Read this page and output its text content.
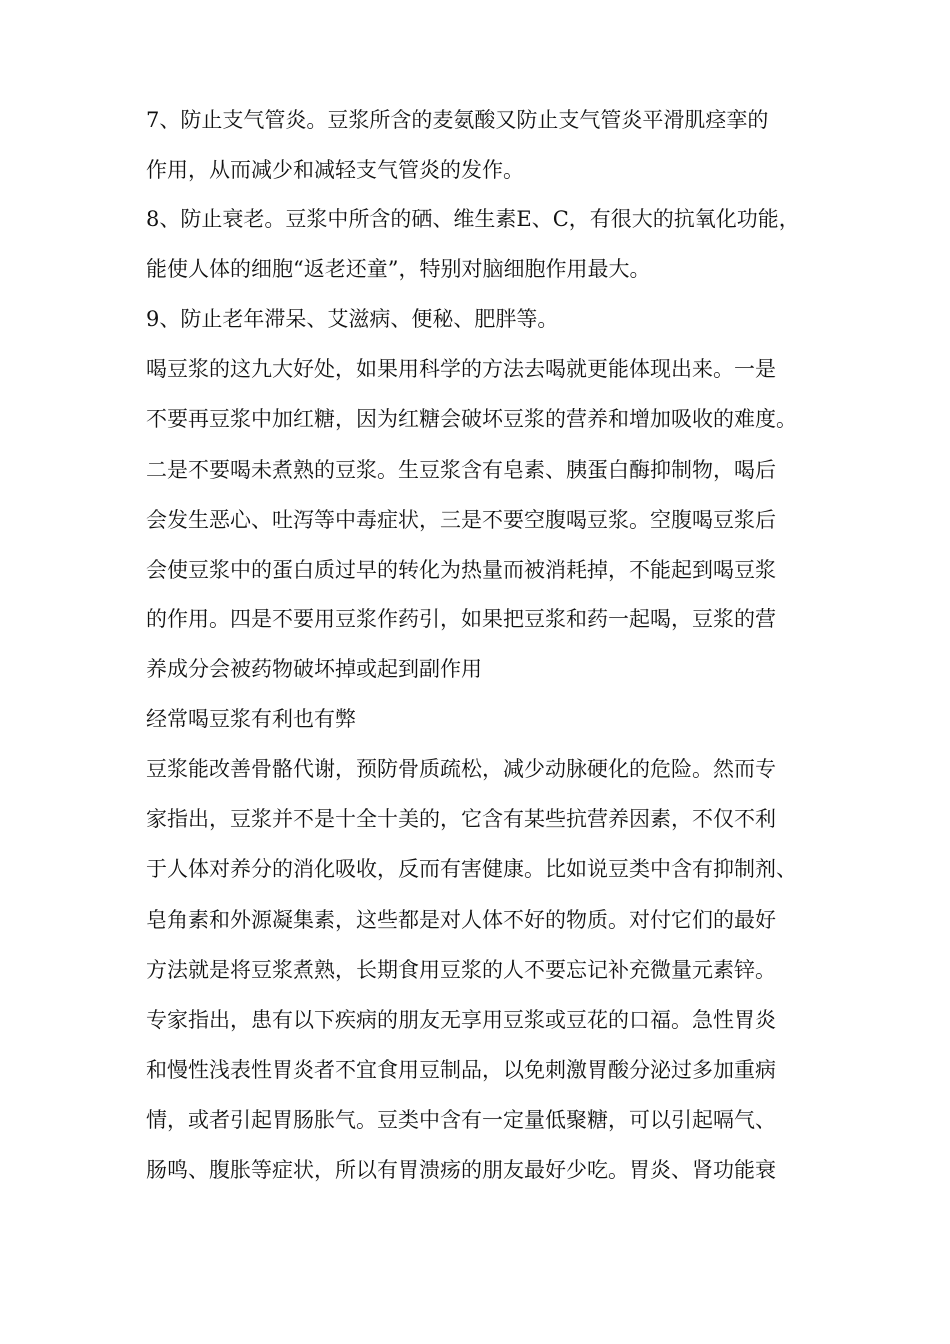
7、防止支气管炎。豆浆所含的麦氨酸又防止支气管炎平滑肌痉挛的
作用，从而减少和减轻支气管炎的发作。
8、防止衰老。豆浆中所含的硒、维生素E、C，有很大的抗氧化功能，
能使人体的细胞“返老还童”，特别对脑细胞作用最大。
9、防止老年滞呆、艾滋病、便秘、肥胖等。
喝豆浆的这九大好处，如果用科学的方法去喝就更能体现出来。一是
不要再豆浆中加红糖，因为红糖会破坏豆浆的营养和增加吸收的难度。
二是不要喝未煮熟的豆浆。生豆浆含有皂素、胰蛋白酶抑制物，喝后
会发生恶心、吐泻等中毒症状，三是不要空腹喝豆浆。空腹喝豆浆后
会使豆浆中的蛋白质过早的转化为热量而被消耗掉，不能起到喝豆浆
的作用。四是不要用豆浆作药引，如果把豆浆和药一起喝，豆浆的营
养成分会被药物破坏掉或起到副作用
经常喝豆浆有利也有弊
豆浆能改善骨骼代谢，预防骨质疏松，减少动脉硬化的危险。然而专
家指出，豆浆并不是十全十美的，它含有某些抗营养因素，不仅不利
于人体对养分的消化吸收，反而有害健康。比如说豆类中含有抑制剂、
皂角素和外源凝集素，这些都是对人体不好的物质。对付它们的最好
方法就是将豆浆煮熟，长期食用豆浆的人不要忘记补充微量元素锌。
专家指出，患有以下疾病的朋友无享用豆浆或豆花的口福。急性胃炎
和慢性浅表性胃炎者不宜食用豆制品，以免刺激胃酸分泌过多加重病
情，或者引起胃肠胀气。豆类中含有一定量低聚糖，可以引起嗝气、
肠鸣、腹胀等症状，所以有胃溃疡的朋友最好少吃。胃炎、肾功能衰
